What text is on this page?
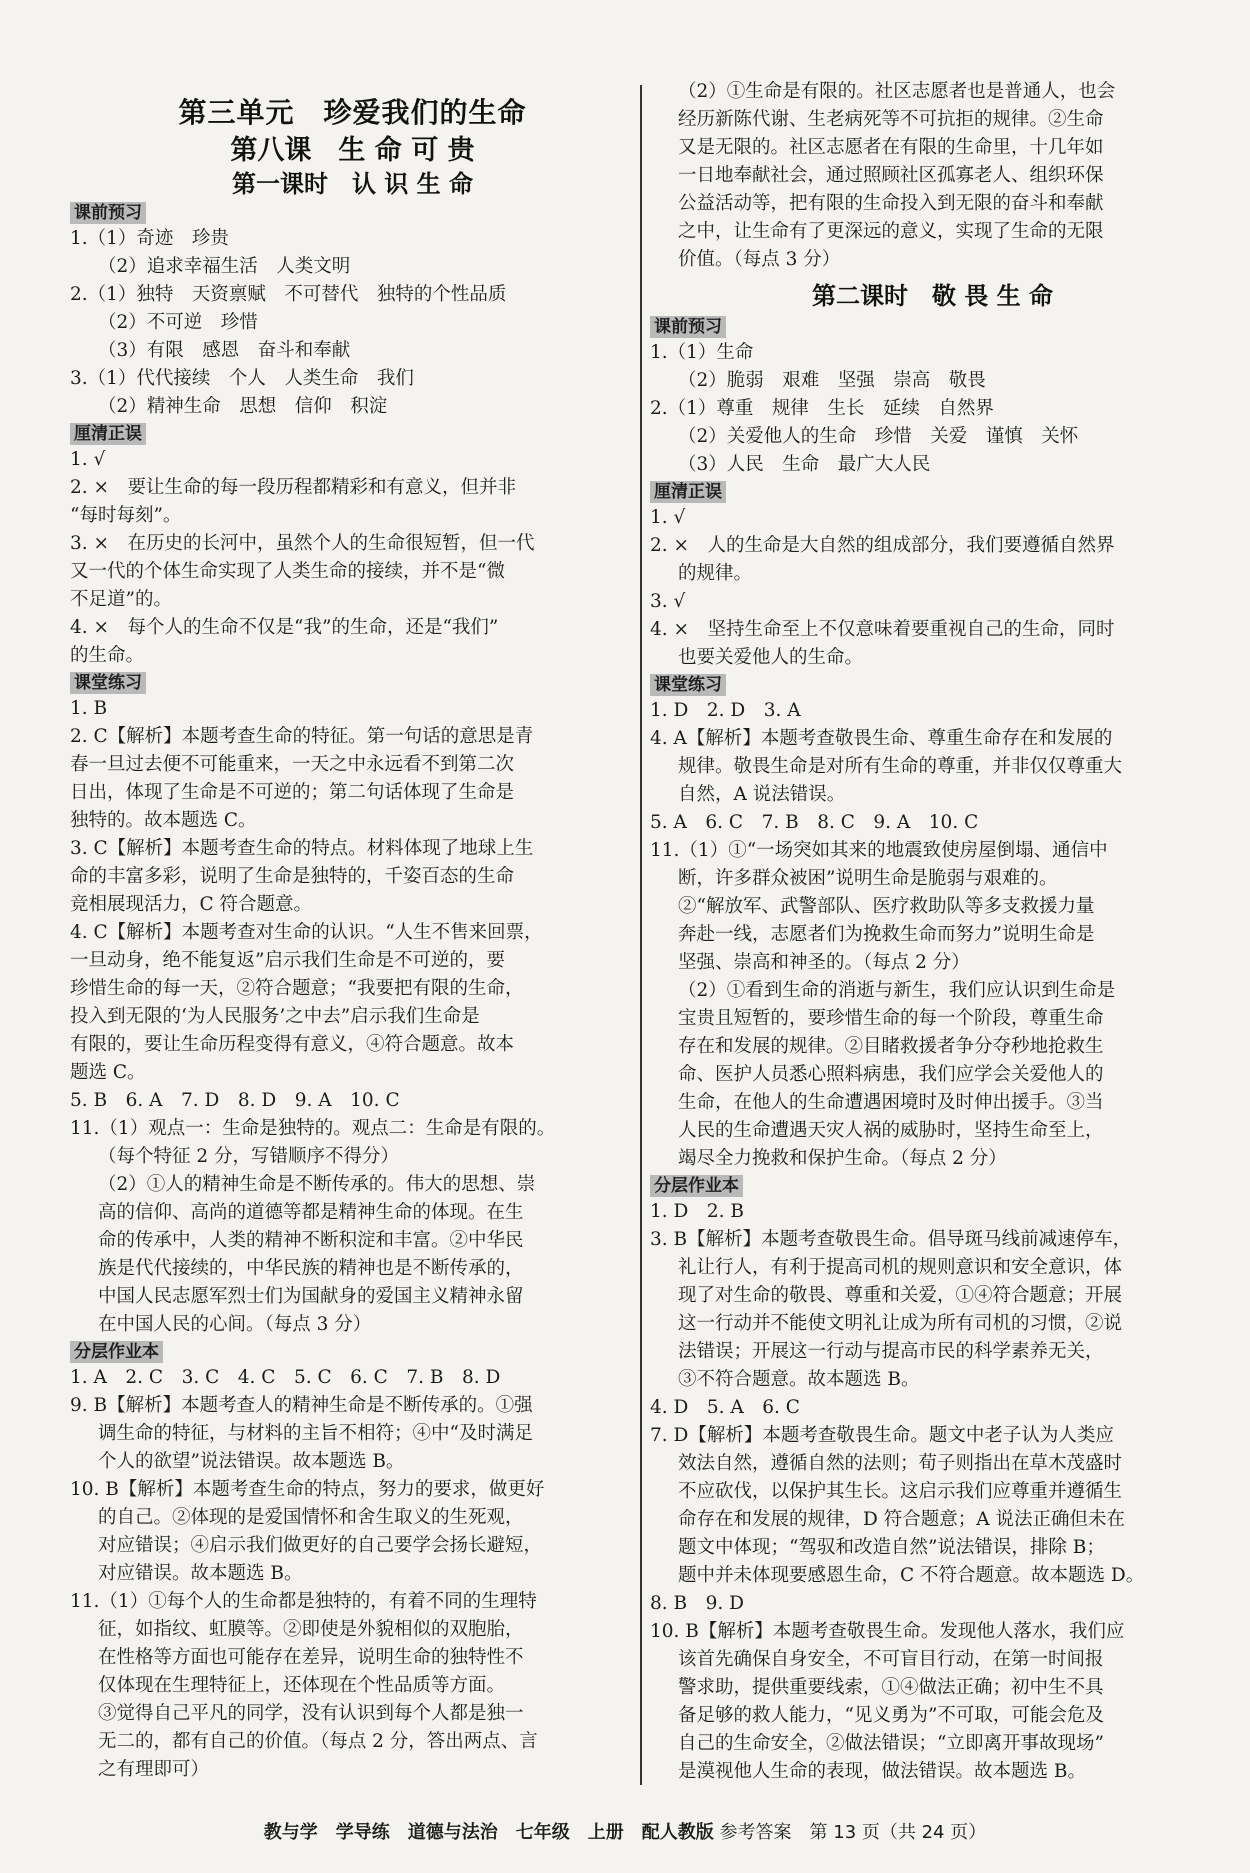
第三单元　珍爱我们的生命

第八课　生 命 可 贵

第一课时　认 识 生 命

课前预习

1.（1）奇迹　珍贵

（2）追求幸福生活　人类文明

2.（1）独特　天资禀赋　不可替代　独特的个性品质

（2）不可逆　珍惜

（3）有限　感恩　奋斗和奉献

3.（1）代代接续　个人　人类生命　我们

（2）精神生命　思想　信仰　积淀

厘清正误

1. √

2. ×　要让生命的每一段历程都精彩和有意义，但并非

“每时每刻”。

3. ×　在历史的长河中，虽然个人的生命很短暂，但一代

又一代的个体生命实现了人类生命的接续，并不是“微

不足道”的。

4. ×　每个人的生命不仅是“我”的生命，还是“我们”

的生命。

课堂练习

1. B

2. C【解析】本题考查生命的特征。第一句话的意思是青

春一旦过去便不可能重来，一天之中永远看不到第二次

日出，体现了生命是不可逆的；第二句话体现了生命是

独特的。故本题选 C。

3. C【解析】本题考查生命的特点。材料体现了地球上生

命的丰富多彩，说明了生命是独特的，千姿百态的生命

竞相展现活力，C 符合题意。

4. C【解析】本题考查对生命的认识。“人生不售来回票，

一旦动身，绝不能复返”启示我们生命是不可逆的，要

珍惜生命的每一天，②符合题意；“我要把有限的生命，

投入到无限的‘为人民服务’之中去”启示我们生命是

有限的，要让生命历程变得有意义，④符合题意。故本

题选 C。

5. B　6. A　7. D　8. D　9. A　10. C

11.（1）观点一：生命是独特的。观点二：生命是有限的。

（每个特征 2 分，写错顺序不得分）

（2）①人的精神生命是不断传承的。伟大的思想、崇

高的信仰、高尚的道德等都是精神生命的体现。在生

命的传承中，人类的精神不断积淀和丰富。②中华民

族是代代接续的，中华民族的精神也是不断传承的，

中国人民志愿军烈士们为国献身的爱国主义精神永留

在中国人民的心间。（每点 3 分）

分层作业本

1. A　2. C　3. C　4. C　5. C　6. C　7. B　8. D

9. B【解析】本题考查人的精神生命是不断传承的。①强

调生命的特征，与材料的主旨不相符；④中“及时满足

个人的欲望”说法错误。故本题选 B。

10. B【解析】本题考查生命的特点，努力的要求，做更好

的自己。②体现的是爱国情怀和舍生取义的生死观，

对应错误；④启示我们做更好的自己要学会扬长避短，

对应错误。故本题选 B。

11.（1）①每个人的生命都是独特的，有着不同的生理特

征，如指纹、虹膜等。②即使是外貌相似的双胞胎，

在性格等方面也可能存在差异，说明生命的独特性不

仅体现在生理特征上，还体现在个性品质等方面。

③觉得自己平凡的同学，没有认识到每个人都是独一

无二的，都有自己的价值。（每点 2 分，答出两点、言

之有理即可）

（2）①生命是有限的。社区志愿者也是普通人，也会

经历新陈代谢、生老病死等不可抗拒的规律。②生命

又是无限的。社区志愿者在有限的生命里，十几年如

一日地奉献社会，通过照顾社区孤寡老人、组织环保

公益活动等，把有限的生命投入到无限的奋斗和奉献

之中，让生命有了更深远的意义，实现了生命的无限

价值。（每点 3 分）

第二课时　敬 畏 生 命

课前预习

1.（1）生命

（2）脆弱　艰难　坚强　崇高　敬畏

2.（1）尊重　规律　生长　延续　自然界

（2）关爱他人的生命　珍惜　关爱　谨慎　关怀

（3）人民　生命　最广大人民

厘清正误

1. √

2. ×　人的生命是大自然的组成部分，我们要遵循自然界

的规律。

3. √

4. ×　坚持生命至上不仅意味着要重视自己的生命，同时

也要关爱他人的生命。

课堂练习

1. D　2. D　3. A

4. A【解析】本题考查敬畏生命、尊重生命存在和发展的

规律。敬畏生命是对所有生命的尊重，并非仅仅尊重大

自然，A 说法错误。

5. A　6. C　7. B　8. C　9. A　10. C

11.（1）①“一场突如其来的地震致使房屋倒塌、通信中

断，许多群众被困”说明生命是脆弱与艰难的。

②“解放军、武警部队、医疗救助队等多支救援力量

奔赴一线，志愿者们为挽救生命而努力”说明生命是

坚强、崇高和神圣的。（每点 2 分）

（2）①看到生命的消逝与新生，我们应认识到生命是

宝贵且短暂的，要珍惜生命的每一个阶段，尊重生命

存在和发展的规律。②目睹救援者争分夺秒地抢救生

命、医护人员悉心照料病患，我们应学会关爱他人的

生命，在他人的生命遭遇困境时及时伸出援手。③当

人民的生命遭遇天灾人祸的威胁时，坚持生命至上，

竭尽全力挽救和保护生命。（每点 2 分）

分层作业本

1. D　2. B

3. B【解析】本题考查敬畏生命。倡导斑马线前减速停车，

礼让行人，有利于提高司机的规则意识和安全意识，体

现了对生命的敬畏、尊重和关爱，①④符合题意；开展

这一行动并不能使文明礼让成为所有司机的习惯，②说

法错误；开展这一行动与提高市民的科学素养无关，

③不符合题意。故本题选 B。

4. D　5. A　6. C

7. D【解析】本题考查敬畏生命。题文中老子认为人类应

效法自然，遵循自然的法则；荀子则指出在草木茂盛时

不应砍伐，以保护其生长。这启示我们应尊重并遵循生

命存在和发展的规律，D 符合题意；A 说法正确但未在

题文中体现；“驾驭和改造自然”说法错误，排除 B；

题中并未体现要感恩生命，C 不符合题意。故本题选 D。

8. B　9. D

10. B【解析】本题考查敬畏生命。发现他人落水，我们应

该首先确保自身安全，不可盲目行动，在第一时间报

警求助，提供重要线索，①④做法正确；初中生不具

备足够的救人能力，“见义勇为”不可取，可能会危及

自己的生命安全，②做法错误；“立即离开事故现场”

是漠视他人生命的表现，做法错误。故本题选 B。

教与学　学导练　道德与法治　七年级　上册　配人教版 参考答案　第 13 页（共 24 页）
